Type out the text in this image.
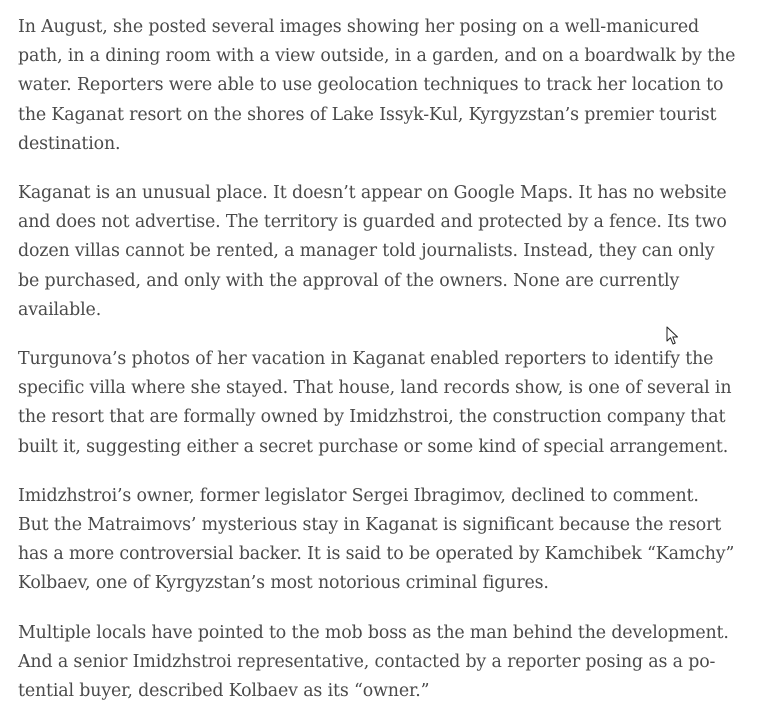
In August, she posted several images showing her posing on a well-manicured
path, in a dining room with a view outside, in a garden, and on a boardwalk by the
water. Reporters were able to use geolocation techniques to track her location to
the Kaganat resort on the shores of Lake Issyk-Kul, Kyrgyzstan’s premier tourist
destination.

Kaganat is an unusual place. It doesn’t appear on Google Maps. It has no website
and does not advertise. The territory is guarded and protected by a fence. Its two
dozen villas cannot be rented, a manager told journalists. Instead, they can only
be purchased, and only with the approval of the owners. None are currently
available.

Turgunova’s photos of her vacation in Kaganat enabled reporters to identify the
specific villa where she stayed. That house, land records show, is one of several in
the resort that are formally owned by Imidzhstroi, the construction company that
built it, suggesting either a secret purchase or some kind of special arrangement.

Imidzhstroi’s owner, former legislator Sergei Ibragimov, declined to comment.
But the Matraimovs’ mysterious stay in Kaganat is significant because the resort
has a more controversial backer. It is said to be operated by Kamchibek “Kamchy”
Kolbaev, one of Kyrgyzstan’s most notorious criminal figures.

Multiple locals have pointed to the mob boss as the man behind the development.
And a senior Imidzhstroi representative, contacted by a reporter posing as a po-
tential buyer, described Kolbaev as its “owner.”
